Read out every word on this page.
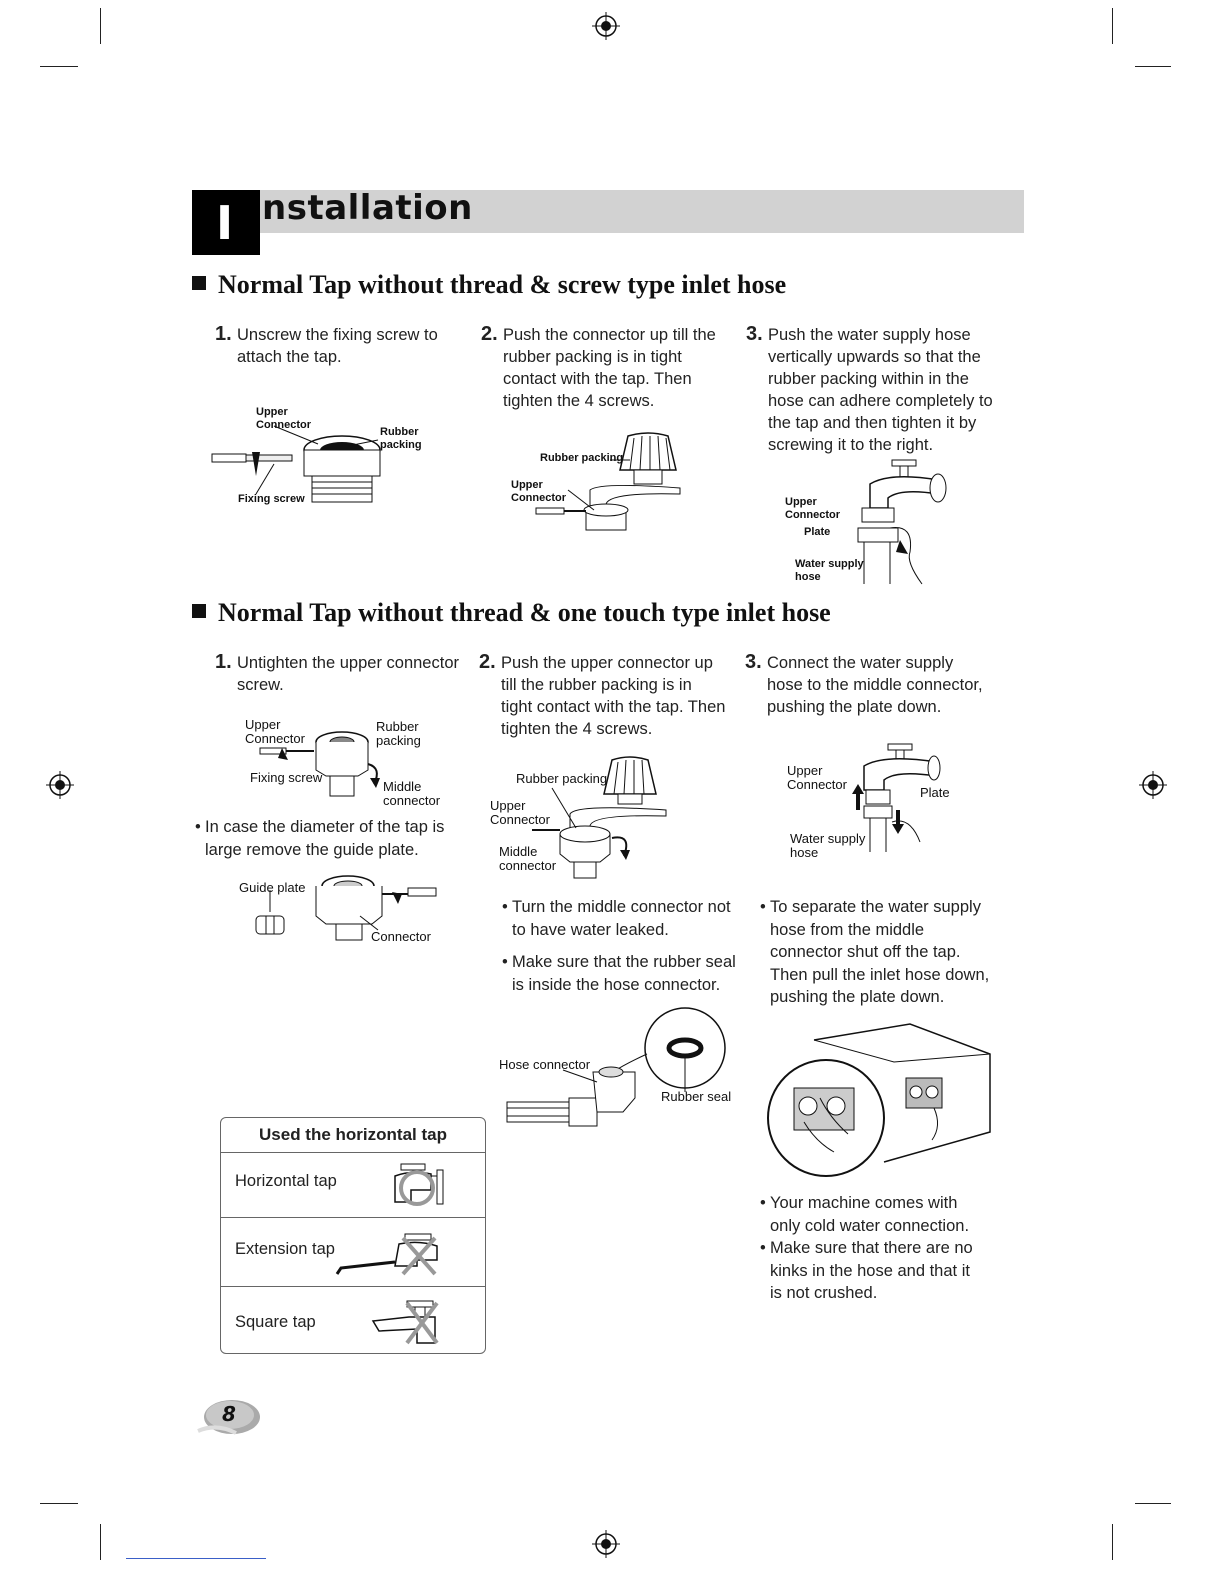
I nstallation
Normal Tap without thread & screw type inlet hose
1. Unscrew the fixing screw to
attach the tap.
2. Push the connector up till the
rubber packing is in tight
contact with the tap. Then
tighten the 4 screws.
3. Push the water supply hose
vertically upwards so that the
rubber packing within in the
hose can adhere completely to
the tap and then tighten it by
screwing it to the right.
Upper
Connector
Rubber
packing
Fixing screw
Rubber packing
Upper
Connector	Upper
Connector
Plate
Water supply
hose
Normal Tap without thread & one touch type inlet hose
1. Untighten the upper connector
screw.
2. Push the upper connector up
till the rubber packing is in
tight contact with the tap. Then
tighten the 4 screws.
3. Connect the water supply
hose to the middle connector,
pushing the plate down.
Upper
Connector
Rubber
packing
Fixing screw
Middle
connector
• In case the diameter of the tap is
large remove the guide plate.
Guide plate
Connector
Rubber packing
Upper
Connector
Middle
connector
Upper
Connector
Plate
Water supply
hose
• Turn the middle connector not
to have water leaked.
• Make sure that the rubber seal
is inside the hose connector.
Hose connector
Rubber seal
• To separate the water supply
hose from the middle
connector shut off the tap.
Then pull the inlet hose down,
pushing the plate down.
• Your machine comes with
only cold water connection.
• Make sure that there are no
kinks in the hose and that it
is not crushed.
Used the horizontal tap
Horizontal tap
Extension tap
Square tap
8
